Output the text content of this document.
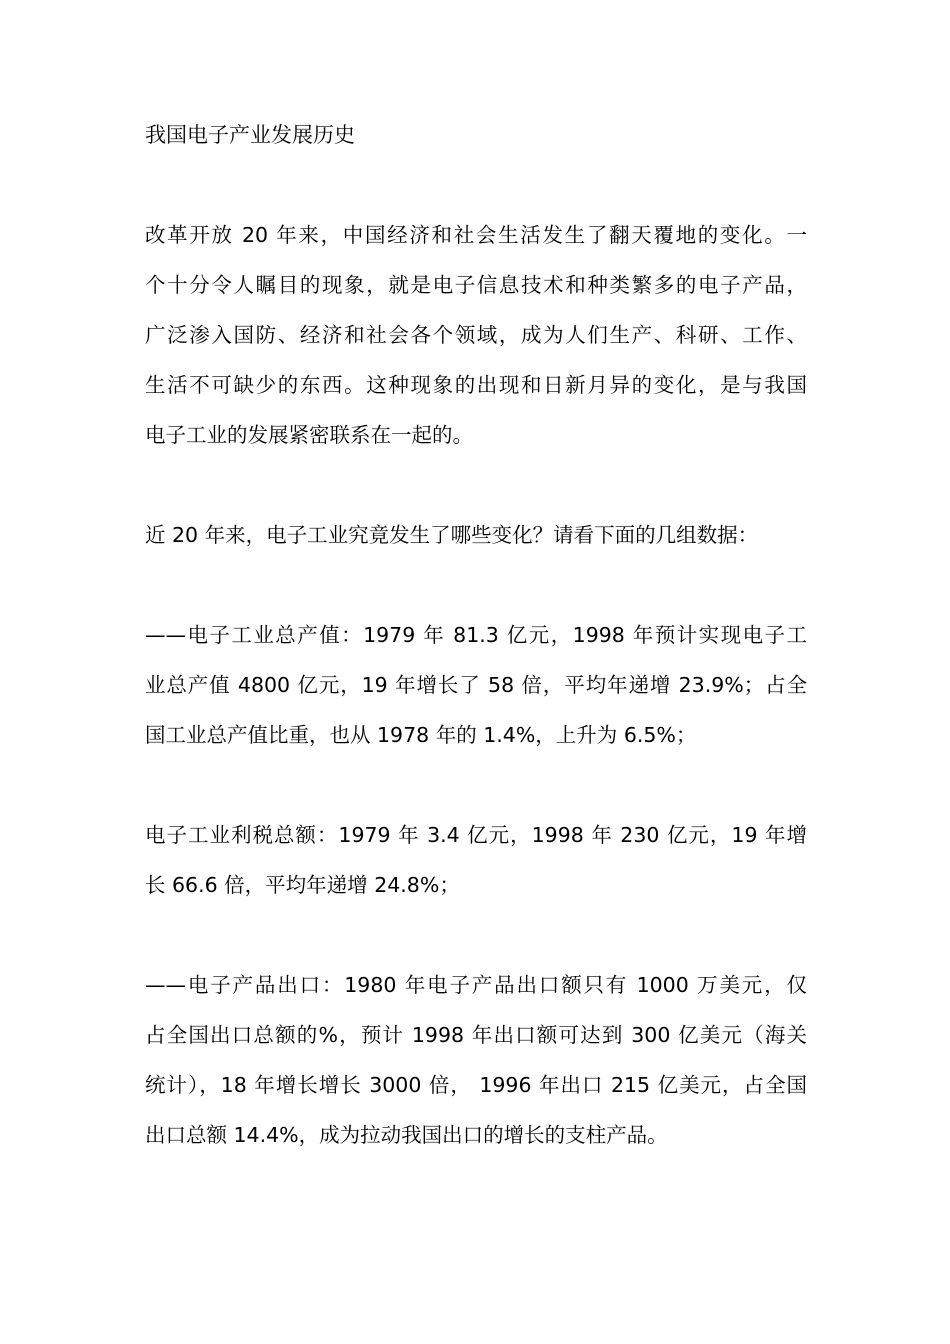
我国电子产业发展历史
改革开放 20 年来，中国经济和社会生活发生了翻天覆地的变化。一
个十分令人瞩目的现象，就是电子信息技术和种类繁多的电子产品，
广泛渗入国防、经济和社会各个领域，成为人们生产、科研、工作、
生活不可缺少的东西。这种现象的出现和日新月异的变化，是与我国
电子工业的发展紧密联系在一起的。
近 20 年来，电子工业究竟发生了哪些变化？请看下面的几组数据：
——电子工业总产值：1979 年 81.3 亿元，1998 年预计实现电子工
业总产值 4800 亿元，19 年增长了 58 倍，平均年递增 23.9%；占全
国工业总产值比重，也从 1978 年的 1.4%，上升为 6.5%；
电子工业利税总额：1979 年 3.4 亿元，1998 年 230 亿元，19 年增
长 66.6 倍，平均年递增 24.8%；
——电子产品出口：1980 年电子产品出口额只有 1000 万美元，仅
占全国出口总额的%，预计 1998 年出口额可达到 300 亿美元（海关
统计），18 年增长增长 3000 倍， 1996 年出口 215 亿美元，占全国
出口总额 14.4%，成为拉动我国出口的增长的支柱产品。
